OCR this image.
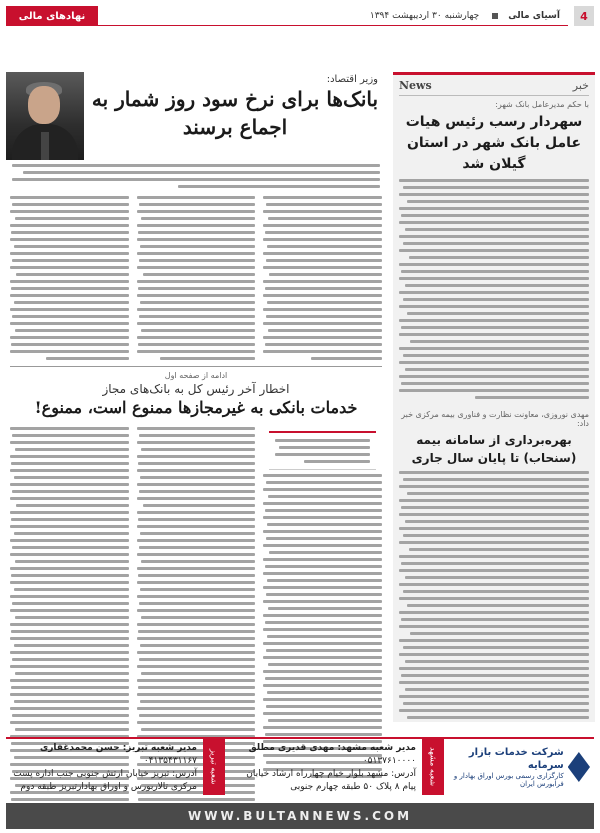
4
آسیای مالی
چهارشنبه ۳۰ اردیبهشت ۱۳۹۴
نهادهای مالی
خبر
News
با حکم مدیرعامل بانک شهر:
سهردار رسب رئیس هیات عامل بانک شهر در استان گیلان شد
مهدی نوروزی، معاونت نظارت و فناوری بیمه مرکزی خبر داد:
بهره‌برداری از سامانه بیمه (سنحاب) تا پایان سال جاری
وزیر اقتصاد:
بانک‌ها برای نرخ سود روز شمار به اجماع برسند
ادامه از صفحه اول
اخطار آخر رئیس کل به بانک‌های مجاز
خدمات بانکی به غیرمجازها ممنوع است، ممنوع!
شرکت خدمات بازار سرمایه
کارگزاری رسمی بورس اوراق بهادار و فرابورس ایران
شعبه مشهد
مدیر شعبه مشهد: مهدی قدیری مطلق
۰۵۱۳۷۶۱۰۰۰۰
آدرس: مشهد بلوار خیام چهارراه ارشاد خیابان پیام ۸ پلاک ۵۰ طبقه چهارم جنوبی
شعبه تبریز
مدیر شعبه تبریز: حسن محمدغفاری
۰۴۱۳۵۴۳۱۱۶۷
آدرس: تبریز خیابان ارتش جنوبی جنب اداره پست مرکزی تالاربورس و اوراق بهادارتبریز طبقه دوم
WWW.BULTANNEWS.COM
